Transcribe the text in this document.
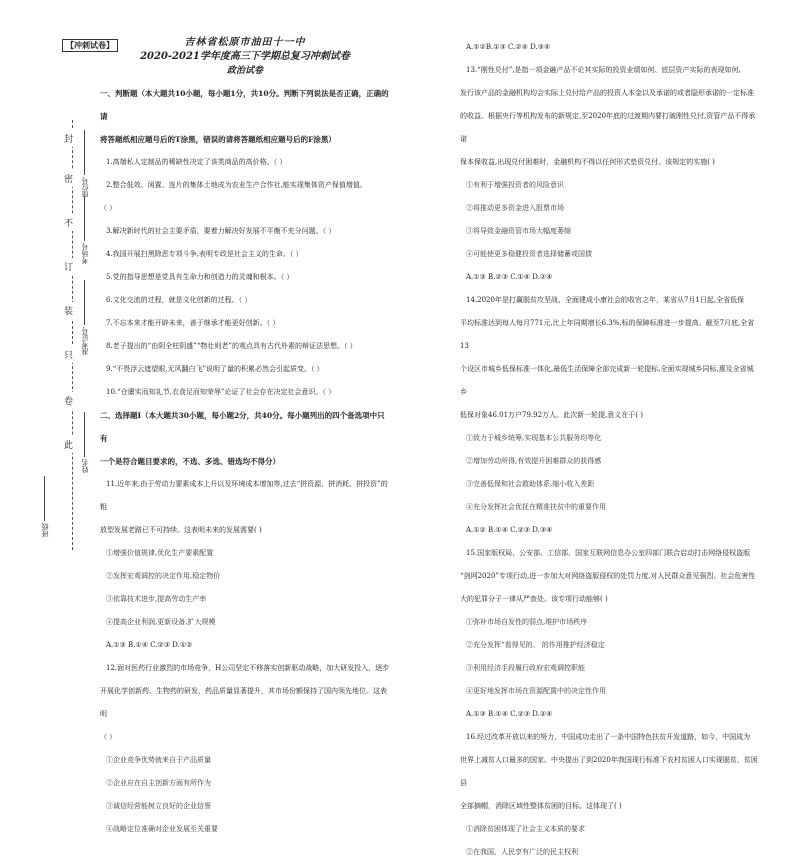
【冲刺试卷】
封
密
不
订
装
只
卷
此
座位号
考场号
准考证号
姓名
班级
吉林省松原市油田十一中
2020-2021学年度高三下学期总复习冲刺试卷
政治试卷

一、判断题（本大题共10小题，每小题1分，共10分。判断下列说法是否正确，正确的请

将答题纸相应题号后的T涂黑，错误的请将答题纸相应题号后的F涂黑）

1.高端私人定制品的稀缺性决定了该类商品的高价格。（ ）

2.整合低效、闲置、连片的集体土地成为农业生产合作社,能实现集体资产保值增值。

（ ）

3.解决新时代的社会主要矛盾，要着力解决好发展不平衡不充分问题。（ ）

4.我国开展扫黑除恶专项斗争,表明专政是社会主义的生命。（ ）

5.党的指导思想是党具有生命力和创造力的灵魂和根本。（ ）

6.文化交流的过程，就是文化创新的过程。（ ）

7.不忘本来才能开辟未来，善于继承才能更好创新。（ ）

8.老子提出的“由阴全柱阴盛”“物壮则老”的观点具有古代朴素的辩证法思想。（ ）

9.“不畏浮云遮望眼,无风翻白飞”说明了量的积累必然会引起质变。（ ）

10.“仓廪实而知礼节,衣食足而知荣辱”论证了社会存在决定社会意识。（ ）

二、选择题Ⅰ（本大题共30小题，每小题2分，共40分。每小题列出的四个备选项中只有

一个是符合题目要求的，不选、多选、错选均不得分）

11.近年来,由于劳动力要素成本上升以及环境成本增加等,过去“拼资源、拼消耗、拼投资”的粗

放型发展老路已不可持续。这表明未来的发展需要( )

①增强价值规律,优化生产要素配置

②发挥宏观调控的决定作用,稳定物价

③依靠技术进步,提高劳动生产率

④提高企业利润,更新设备,扩大规模

A.①③ B.①④ C.②③ D.①②

12.面对医药行业激烈的市场竞争，H公司坚定不移落实创新驱动战略，加大研发投入，逐步

开展化学创新药、生物药的研发，药品质量显著提升，其市场份额保持了国内领先地位。这表明

（ ）

①企业竞争优势就来自于产品质量

②企业应在自主创新方面有所作为

③诚信经营能树立良好的企业信誉

④战略定位准确对企业发展至关重要

A.①②B.①③ C.②④ D.③④

13.“刚性兑付”,是指一项金融产品不论其实际的投资业绩如何、底层资产实际的表现如何,

发行该产品的金融机构均会实际上兑付给产品的投资人本金以及承诺的或者隐形承诺的一定标准

的收益。根据央行等机构发布的新规定,至2020年底的过渡期内要打破刚性兑付,资管产品不得承诺

保本保收益,出现兑付困难时，金融机构不得以任何形式垫资兑付。该规定的实施( )

①有利于增强投资者的风险意识

②将推动更多资金进入股票市场

③将导致金融资管市场大幅度萎缩

④可能使更多稳健投资者选择储蓄或国债

A.①③ B.②③ C.①④ D.②④

14.2020年是打赢脱贫攻坚战、全面建成小康社会的收官之年，某省从7月1日起,全省低保

平均标准达到每人每月771元,比上年同期增长6.3%,标的保障标准进一步提高。截至7月底,全省13

个设区市城乡低保标准一体化,最低生活保障全部完成新一轮提标,全面实现城乡同标,惠及全省城乡

低保对象46.01万户79.92万人。此次新一轮提,意义在于( )

①致力于城乡统筹,实现基本公共服务均等化

②增加劳动所得,有效提升困难群众的获得感

③完善低保和社会救助体系,缩小收入差距

④充分发挥社会优抚在精准扶贫中的重要作用

A.①② B.①④ C.②③ D.③④

15.国家版权局、公安部、工信部、国家互联网信息办公室四部门联合启动打击网络侵权盗版

“剑网2020”专项行动,进一步加大对网络盗版侵权的处罚力度,对人民群众意见强烈、社会危害性

大的犯罪分子一律从严查处。该专项行动能够( )

①弥补市场自发性的弱点,维护市场秩序

②充分发挥“看得见的、 的作用推护经济稳定

③利用经济手段履行政府宏观调控职能

④更好地发挥市场在资源配置中的决定性作用

A.①③ B.①④ C.②③ D.②④

16.经过改革开放以来的努力，中国成功走出了一条中国特色扶贫开发道路，如今，中国成为

世界上减贫人口最多的国家。中央提出了到2020年我国现行标准下农村贫困人口实现脱贫，贫困县

全部摘帽，消除区域性整体贫困的目标。这体现了( )

①消除贫困体现了社会主义本质的要求

②在我国，人民享有广泛的民主权利
